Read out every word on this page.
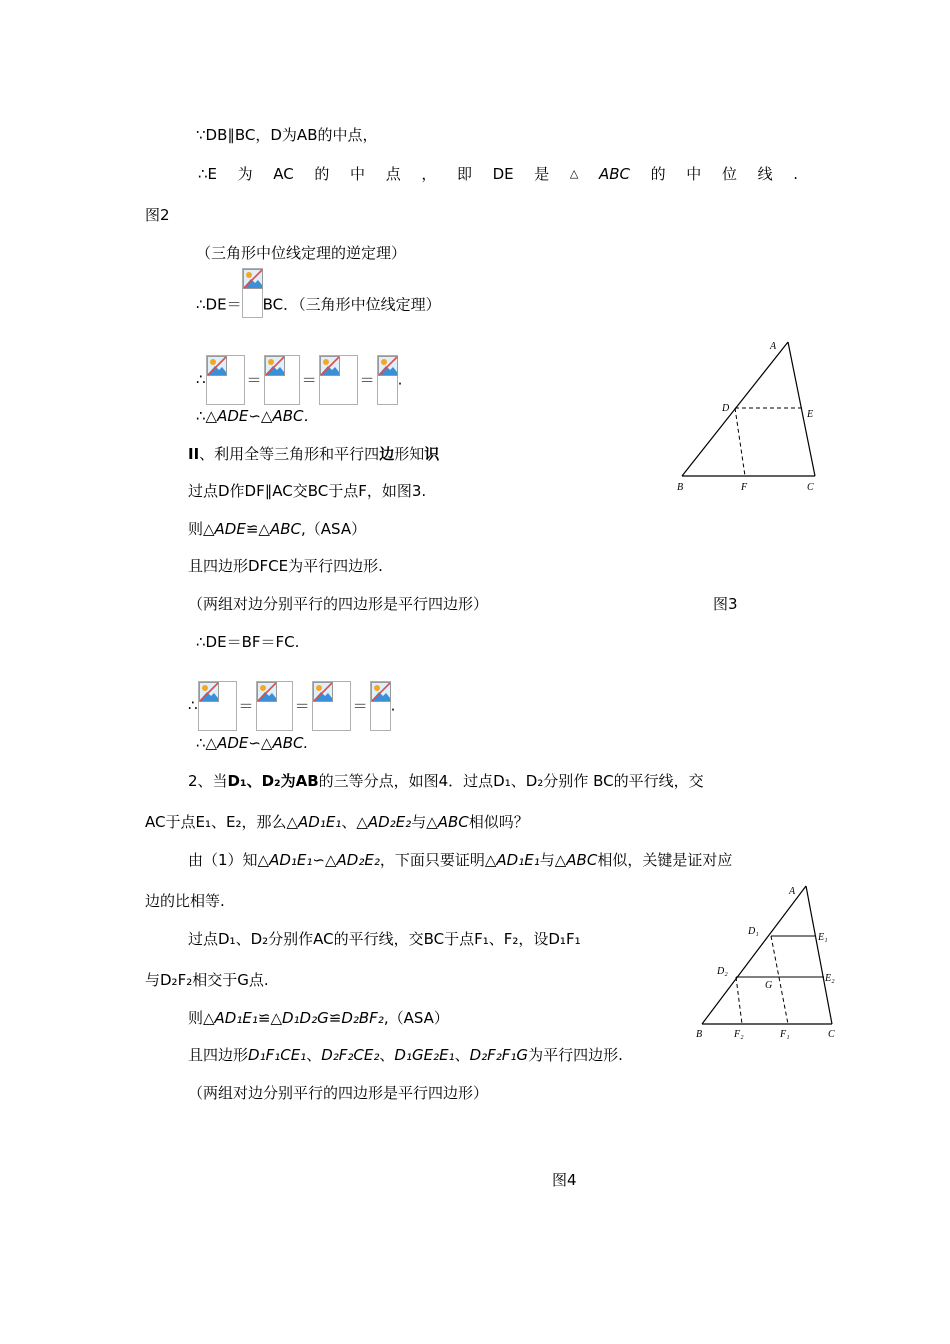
∵DB∥BC，D为AB的中点，
∴E 为 AC 的 中 点 ， 即 DE 是 △ ABC 的 中 位 线 .
图2
（三角形中位线定理的逆定理）
∴DE＝ BC．（三角形中位线定理）
∴	＝	＝	＝ .
∴△ADE∽△ABC．
II、利用全等三角形和平行四边形知识
过点D作DF∥AC交BC于点F，如图3.
则△ADE≌△ABC,（ASA）
且四边形DFCE为平行四边形.
（两组对边分别平行的四边形是平行四边形）	图3
∴DE＝BF＝FC.
∴	＝	＝	＝ .
∴△ADE∽△ABC.
2、当D₁、D₂为AB的三等分点，如图4．过点D₁、D₂分别作 BC的平行线，交
AC于点E₁、E₂，那么△AD₁E₁、△AD₂E₂与△ABC相似吗？
由（1）知△AD₁E₁∽△AD₂E₂，下面只要证明△AD₁E₁与△ABC相似，关键是证对应
边的比相等.
过点D₁、D₂分别作AC的平行线，交BC于点F₁、F₂，设D₁F₁
与D₂F₂相交于G点.
则△AD₁E₁≌△D₁D₂G≌D₂BF₂,（ASA）
且四边形D₁F₁CE₁、D₂F₂CE₂、D₁GE₂E₁、D₂F₂F₁G为平行四边形.
（两组对边分别平行的四边形是平行四边形）
图4
A
B	C
D
E
F
A
B	C
D₁
D₂
E₁
E₂
F₁
F₂
G
